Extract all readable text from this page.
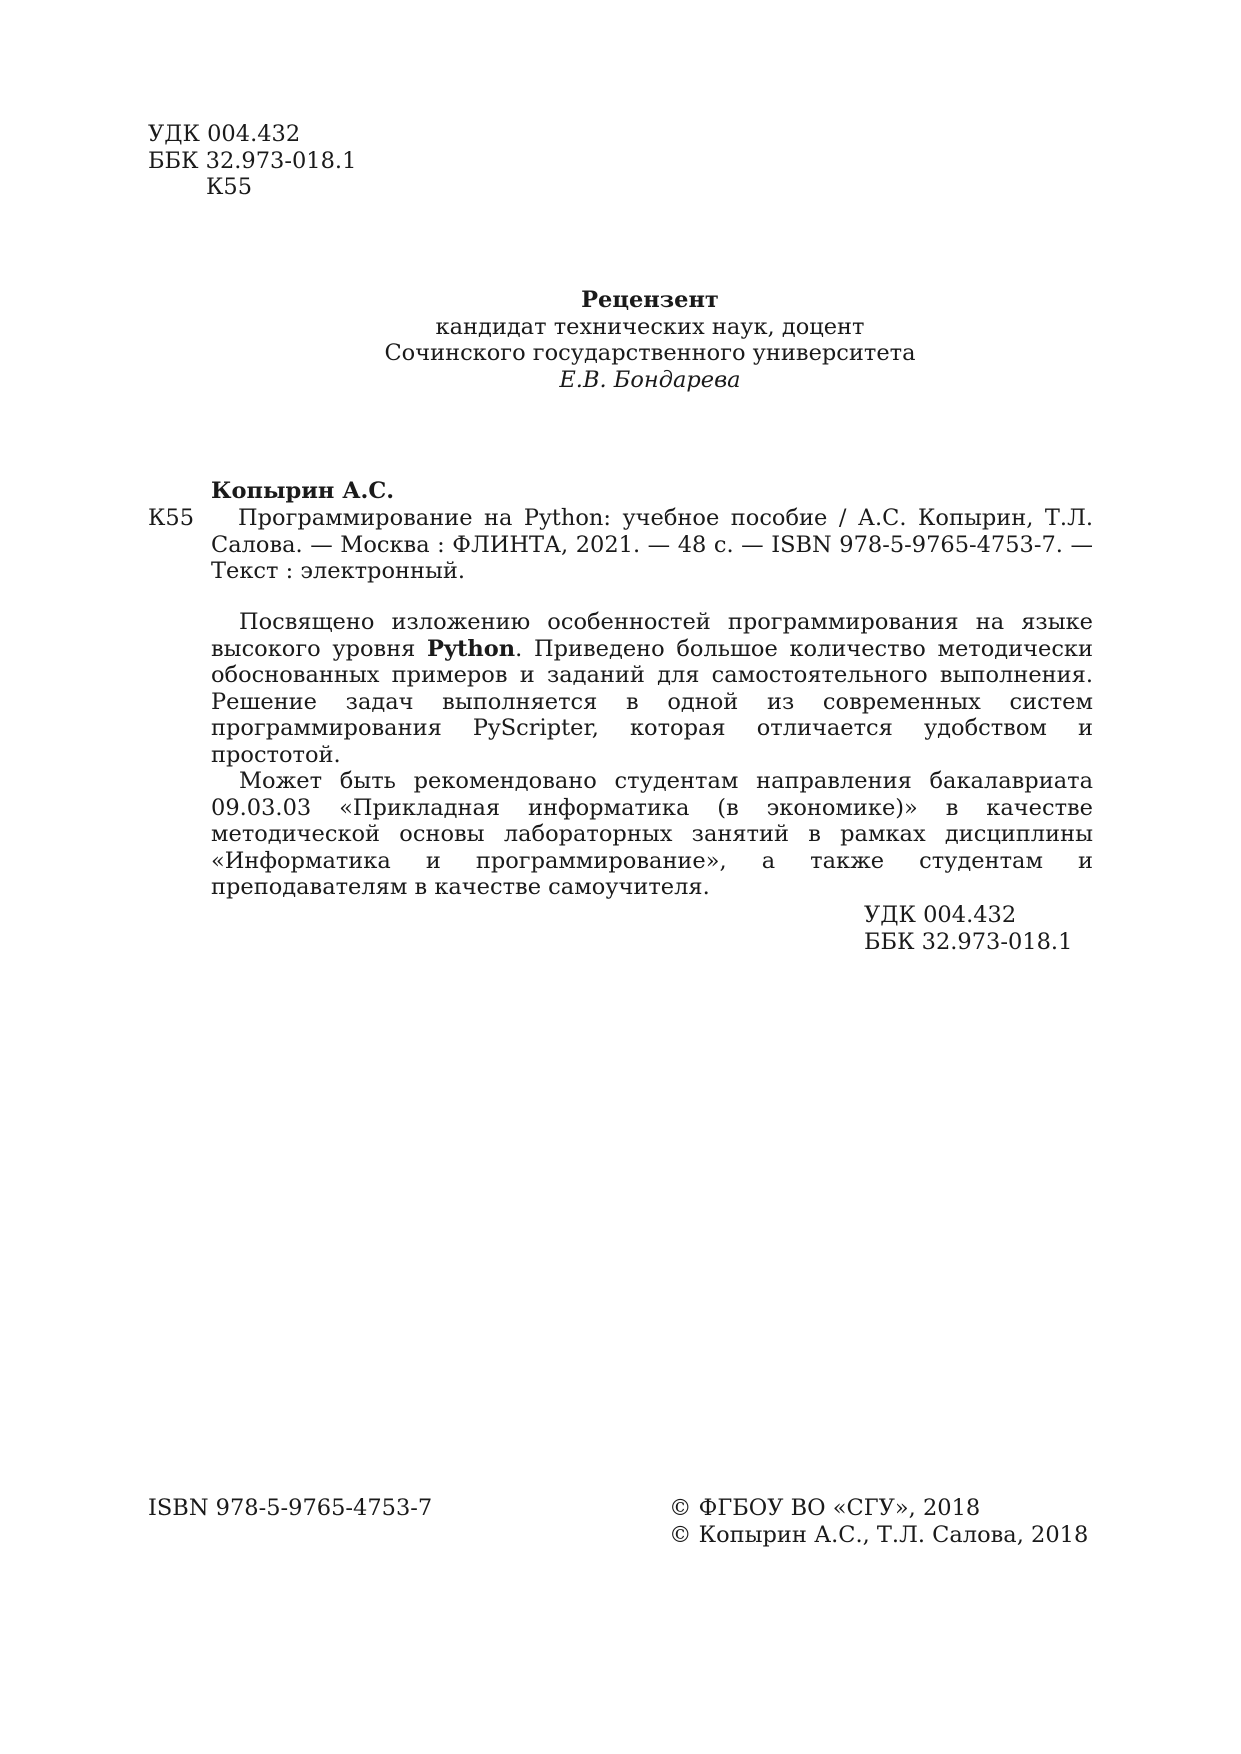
УДК 004.432
ББК 32.973-018.1
К55
Рецензент
кандидат технических наук, доцент
Сочинского государственного университета
Е.В. Бондарева
Копырин А.С.
К55	Программирование на Python: учебное пособие / А.С. Копырин, Т.Л. Салова. — Москва : ФЛИНТА, 2021. — 48 с. — ISBN 978-5-9765-4753-7. — Текст : электронный.

Посвящено изложению особенностей программирования на языке высокого уровня Python. Приведено большое количество методически обоснованных примеров и заданий для самостоятельного выполнения. Решение задач выполняется в одной из современных систем программирования PyScripter, которая отличается удобством и простотой.

Может быть рекомендовано студентам направления бакалавриата 09.03.03 «Прикладная информатика (в экономике)» в качестве методической основы лабораторных занятий в рамках дисциплины «Информатика и программирование», а также студентам и преподавателям в качестве самоучителя.

УДК 004.432
ББК 32.973-018.1
ISBN 978-5-9765-4753-7	© ФГБОУ ВО «СГУ», 2018
© Копырин А.С., Т.Л. Салова, 2018
